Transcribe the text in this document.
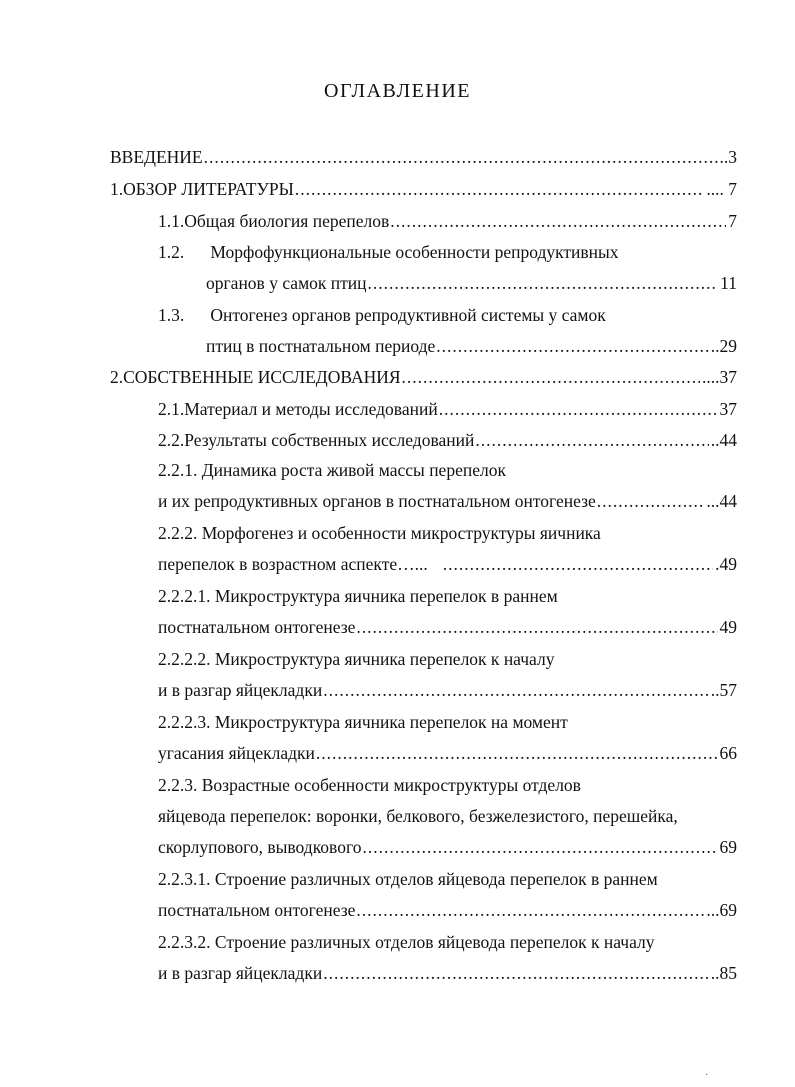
ОГЛАВЛЕНИЕ
ВВЕДЕНИЕ .....	..3
1. ОБЗОР ЛИТЕРАТУРЫ .....	.... 7
1.1. Общая биология перепелов .....	7
1.2. Морфофункциональные особенности репродуктивных
органов у самок птиц .....	11
1.3. Онтогенез органов репродуктивной системы у самок
птиц в постнатальном периоде .....	..29
2. СОБСТВЕННЫЕ ИССЛЕДОВАНИЯ .....	....37
2.1. Материал и методы исследований .....	37
2.2. Результаты собственных исследований .....	..44
2.2.1. Динамика роста живой массы перепелок
и их репродуктивных органов в постнатальном онтогенезе .....	...44
2.2.2. Морфогенез и особенности микроструктуры яичника
перепелок в возрастном аспекте…... .....	.49
2.2.2.1. Микроструктура яичника перепелок в раннем
постнатальном онтогенезе .....	49
2.2.2.2. Микроструктура яичника перепелок к началу
и в разгар яйцекладки .....	..57
2.2.2.3. Микроструктура яичника перепелок на момент
угасания яйцекладки .....	66
2.2.3. Возрастные особенности микроструктуры отделов
яйцевода перепелок: воронки, белкового, безжелезистого, перешейка,
скорлупового, выводкового .....	69
2.2.3.1. Строение различных отделов яйцевода перепелок в раннем
постнатальном онтогенезе .....	...69
2.2.3.2. Строение различных отделов яйцевода перепелок к началу
и в разгар яйцекладки .....	..85
·
